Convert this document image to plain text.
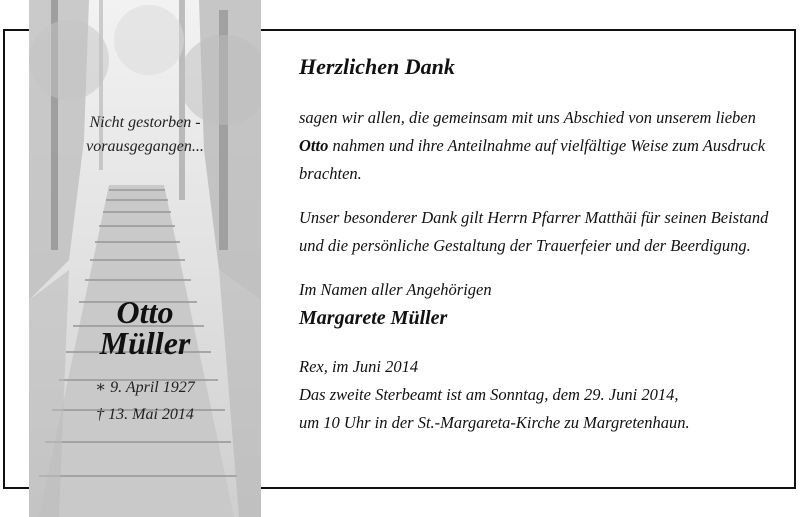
Nicht gestorben -
vorausgegangen...
Otto
Müller
∗ 9. April 1927
† 13. Mai 2014
Herzlichen Dank

sagen wir allen, die gemeinsam mit uns Abschied von unserem lieben Otto nahmen und ihre Anteilnahme auf vielfältige Weise zum Ausdruck brachten.

Unser besonderer Dank gilt Herrn Pfarrer Matthäi für seinen Beistand und die persönliche Gestaltung der Trauerfeier und der Beerdigung.

Im Namen aller Angehörigen
Margarete Müller

Rex, im Juni 2014
Das zweite Sterbeamt ist am Sonntag, dem 29. Juni 2014,
um 10 Uhr in der St.-Margareta-Kirche zu Margretenhaun.
